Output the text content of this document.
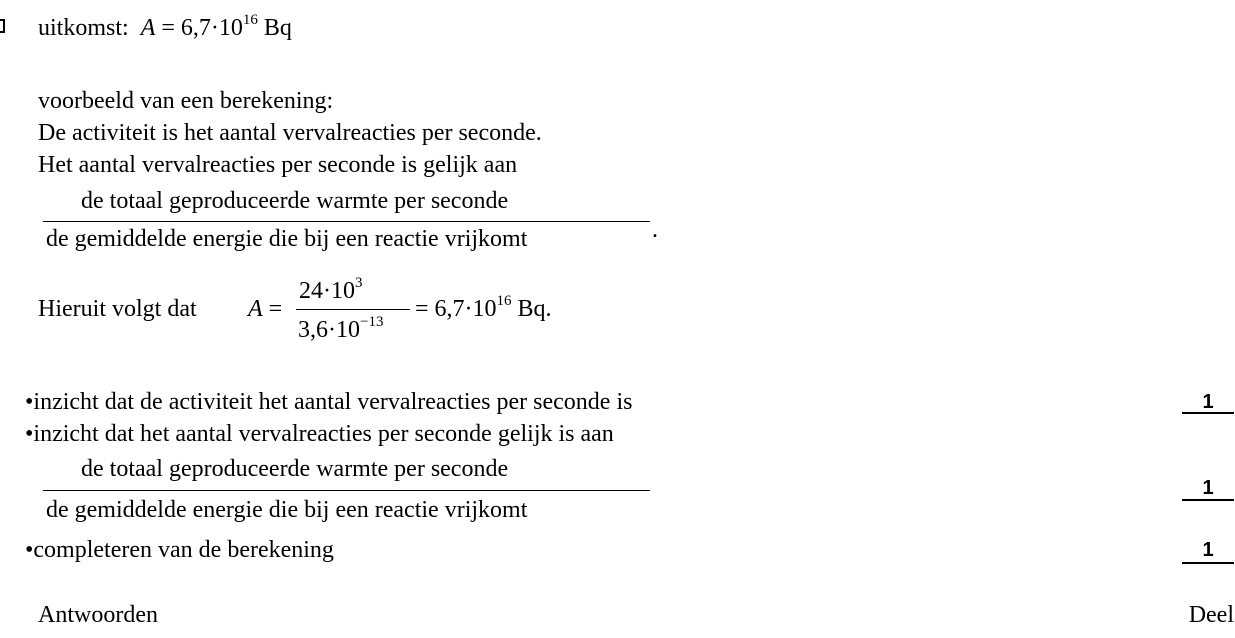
uitkomst: $A = 6,7\cdot 10^{16}$ Bq
voorbeeld van een berekening:
De activiteit is het aantal vervalreacties per seconde.
Het aantal vervalreacties per seconde is gelijk aan
de totaal geproduceerde warmte per seconde
de gemiddelde energie die bij een reactie vrijkomt	.
Hieruit volgt dat A =
$24\cdot 10^3$
$3,6\cdot 10^{-13} = 6,7\cdot 10^{16}$ Bq.
•inzicht dat de activiteit het aantal vervalreacties per seconde is	1
•inzicht dat het aantal vervalreacties per seconde gelijk is aan
de totaal geproduceerde warmte per seconde
de gemiddelde energie die bij een reactie vrijkomt
1
•completeren van de berekening	1
Antwoorden	Deel
